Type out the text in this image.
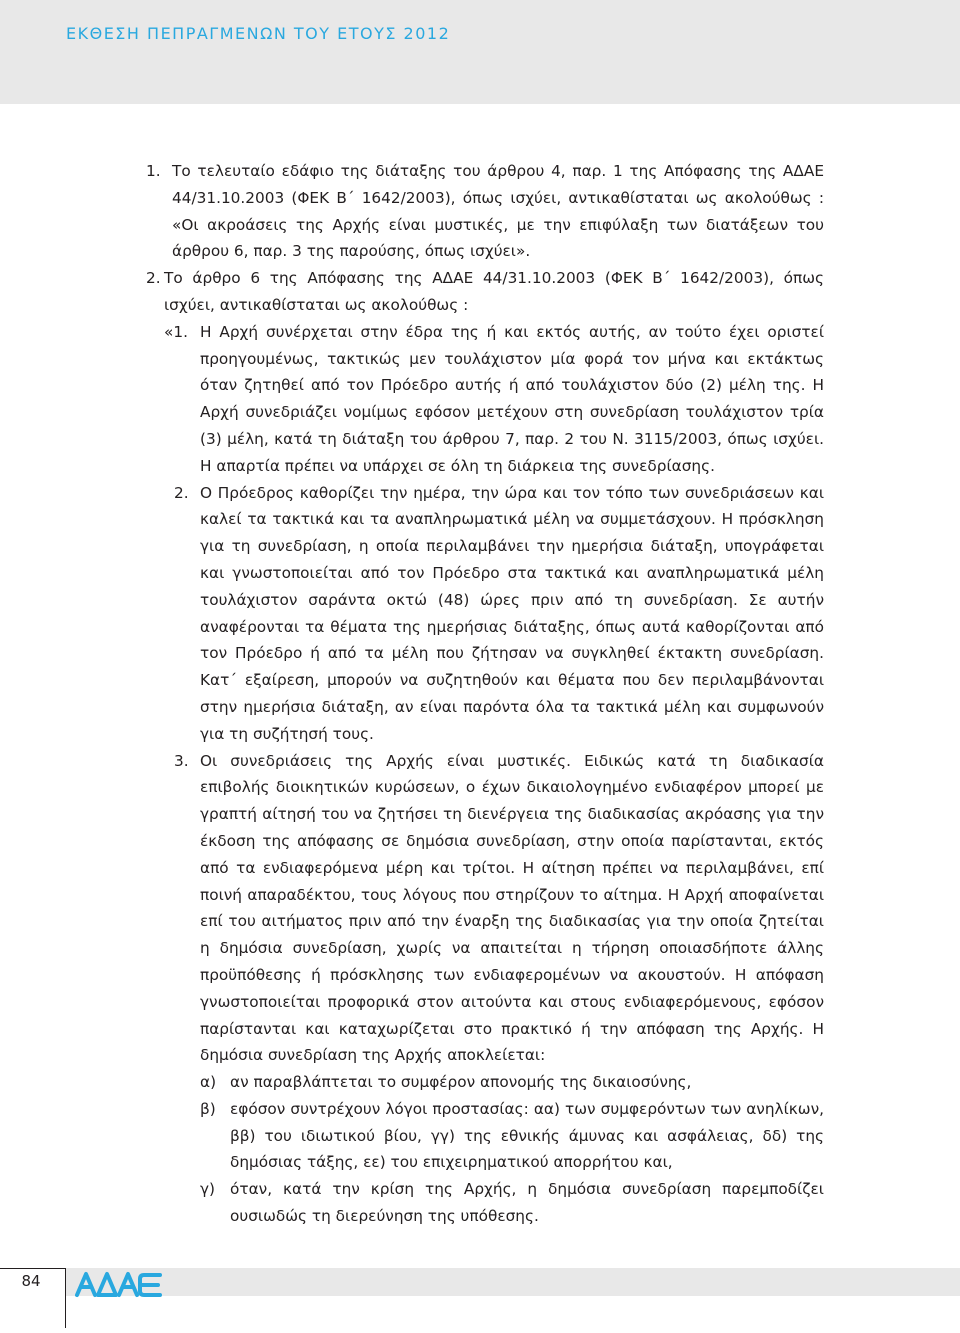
ΕΚΘΕΣΗ ΠΕΠΡΑΓΜΕΝΩΝ ΤΟΥ ΕΤΟΥΣ 2012
1. Το τελευταίο εδάφιο της διάταξης του άρθρου 4, παρ. 1 της Απόφασης της ΑΔΑΕ 44/31.10.2003 (ΦΕΚ Β΄ 1642/2003), όπως ισχύει, αντικαθίσταται ως ακολούθως : «Οι ακροάσεις της Αρχής είναι μυστικές, με την επιφύλαξη των διατάξεων του άρθρου 6, παρ. 3 της παρούσης, όπως ισχύει».
2. Το άρθρο 6 της Απόφασης της ΑΔΑΕ 44/31.10.2003 (ΦΕΚ Β΄ 1642/2003), όπως ισχύει, αντικαθίσταται ως ακολούθως :
«1. Η Αρχή συνέρχεται στην έδρα της ή και εκτός αυτής, αν τούτο έχει οριστεί προηγουμένως, τακτικώς μεν τουλάχιστον μία φορά τον μήνα και εκτάκτως όταν ζητηθεί από τον Πρόεδρο αυτής ή από τουλάχιστον δύο (2) μέλη της. Η Αρχή συνεδριάζει νομίμως εφόσον μετέχουν στη συνεδρίαση τουλάχιστον τρία (3) μέλη, κατά τη διάταξη του άρθρου 7, παρ. 2 του Ν. 3115/2003, όπως ισχύει. Η απαρτία πρέπει να υπάρχει σε όλη τη διάρκεια της συνεδρίασης.
2. Ο Πρόεδρος καθορίζει την ημέρα, την ώρα και τον τόπο των συνεδριάσεων και καλεί τα τακτικά και τα αναπληρωματικά μέλη να συμμετάσχουν. Η πρόσκληση για τη συνεδρίαση, η οποία περιλαμβάνει την ημερήσια διάταξη, υπογράφεται και γνωστοποιείται από τον Πρόεδρο στα τακτικά και αναπληρωματικά μέλη τουλάχιστον σαράντα οκτώ (48) ώρες πριν από τη συνεδρίαση. Σε αυτήν αναφέρονται τα θέματα της ημερήσιας διάταξης, όπως αυτά καθορίζονται από τον Πρόεδρο ή από τα μέλη που ζήτησαν να συγκληθεί έκτακτη συνεδρίαση. Κατ΄ εξαίρεση, μπορούν να συζητηθούν και θέματα που δεν περιλαμβάνονται στην ημερήσια διάταξη, αν είναι παρόντα όλα τα τακτικά μέλη και συμφωνούν για τη συζήτησή τους.
3. Οι συνεδριάσεις της Αρχής είναι μυστικές. Ειδικώς κατά τη διαδικασία επιβολής διοικητικών κυρώσεων, ο έχων δικαιολογημένο ενδιαφέρον μπορεί με γραπτή αίτησή του να ζητήσει τη διενέργεια της διαδικασίας ακρόασης για την έκδοση της απόφασης σε δημόσια συνεδρίαση, στην οποία παρίστανται, εκτός από τα ενδιαφερόμενα μέρη και τρίτοι. Η αίτηση πρέπει να περιλαμβάνει, επί ποινή απαραδέκτου, τους λόγους που στηρίζουν το αίτημα. Η Αρχή αποφαίνεται επί του αιτήματος πριν από την έναρξη της διαδικασίας για την οποία ζητείται η δημόσια συνεδρίαση, χωρίς να απαιτείται η τήρηση οποιασδήποτε άλλης προϋπόθεσης ή πρόσκλησης των ενδιαφερομένων να ακουστούν. Η απόφαση γνωστοποιείται προφορικά στον αιτούντα και στους ενδιαφερόμενους, εφόσον παρίστανται και καταχωρίζεται στο πρακτικό ή την απόφαση της Αρχής. Η δημόσια συνεδρίαση της Αρχής αποκλείεται:
α) αν παραβλάπτεται το συμφέρον απονομής της δικαιοσύνης,
β) εφόσον συντρέχουν λόγοι προστασίας: αα) των συμφερόντων των ανηλίκων, ββ) του ιδιωτικού βίου, γγ) της εθνικής άμυνας και ασφάλειας, δδ) της δημόσιας τάξης, εε) του επιχειρηματικού απορρήτου και,
γ) όταν, κατά την κρίση της Αρχής, η δημόσια συνεδρίαση παρεμποδίζει ουσιωδώς τη διερεύνηση της υπόθεσης.
84
